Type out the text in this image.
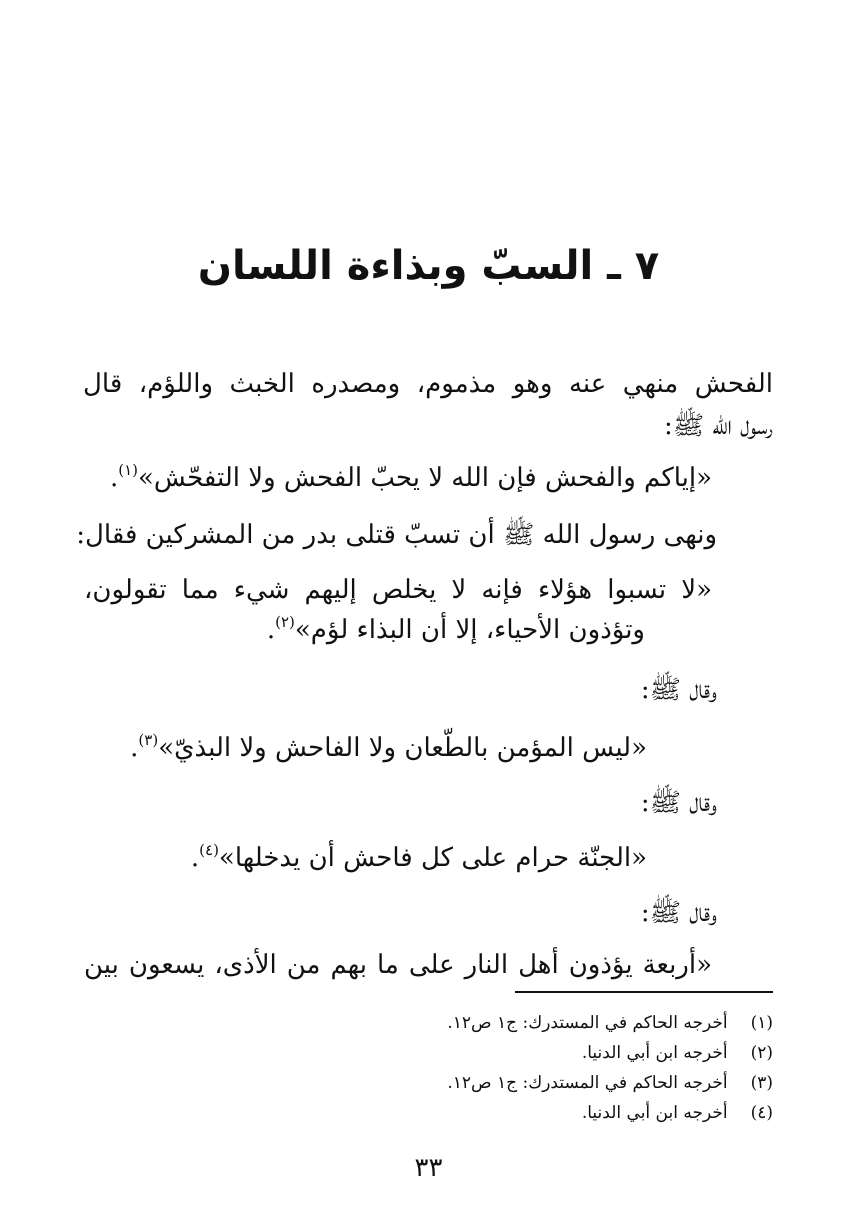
٧ ـ السبّ وبذاءة اللسان

الفحش منهي عنه وهو مذموم، ومصدره الخبث واللؤم، قال

رسول الله ﷺ:

«إياكم والفحش فإن الله لا يحبّ الفحش ولا التفحّش»$^{(١)}$.

ونهى رسول الله ﷺ أن تسبّ قتلى بدر من المشركين فقال:

«لا تسبوا هؤلاء فإنه لا يخلص إليهم شيء مما تقولون،

وتؤذون الأحياء، إلا أن البذاء لؤم»$^{(٢)}$.

وقال ﷺ:

«ليس المؤمن بالطّعان ولا الفاحش ولا البذيّ»$^{(٣)}$.

وقال ﷺ:

«الجنّة حرام على كل فاحش أن يدخلها»$^{(٤)}$.

وقال ﷺ:

«أربعة يؤذون أهل النار على ما بهم من الأذى، يسعون بين

(١) أخرجه الحاكم في المستدرك: ج١ ص١٢.
(٢) أخرجه ابن أبي الدنيا.
(٣) أخرجه الحاكم في المستدرك: ج١ ص١٢.
(٤) أخرجه ابن أبي الدنيا.
٣٣
